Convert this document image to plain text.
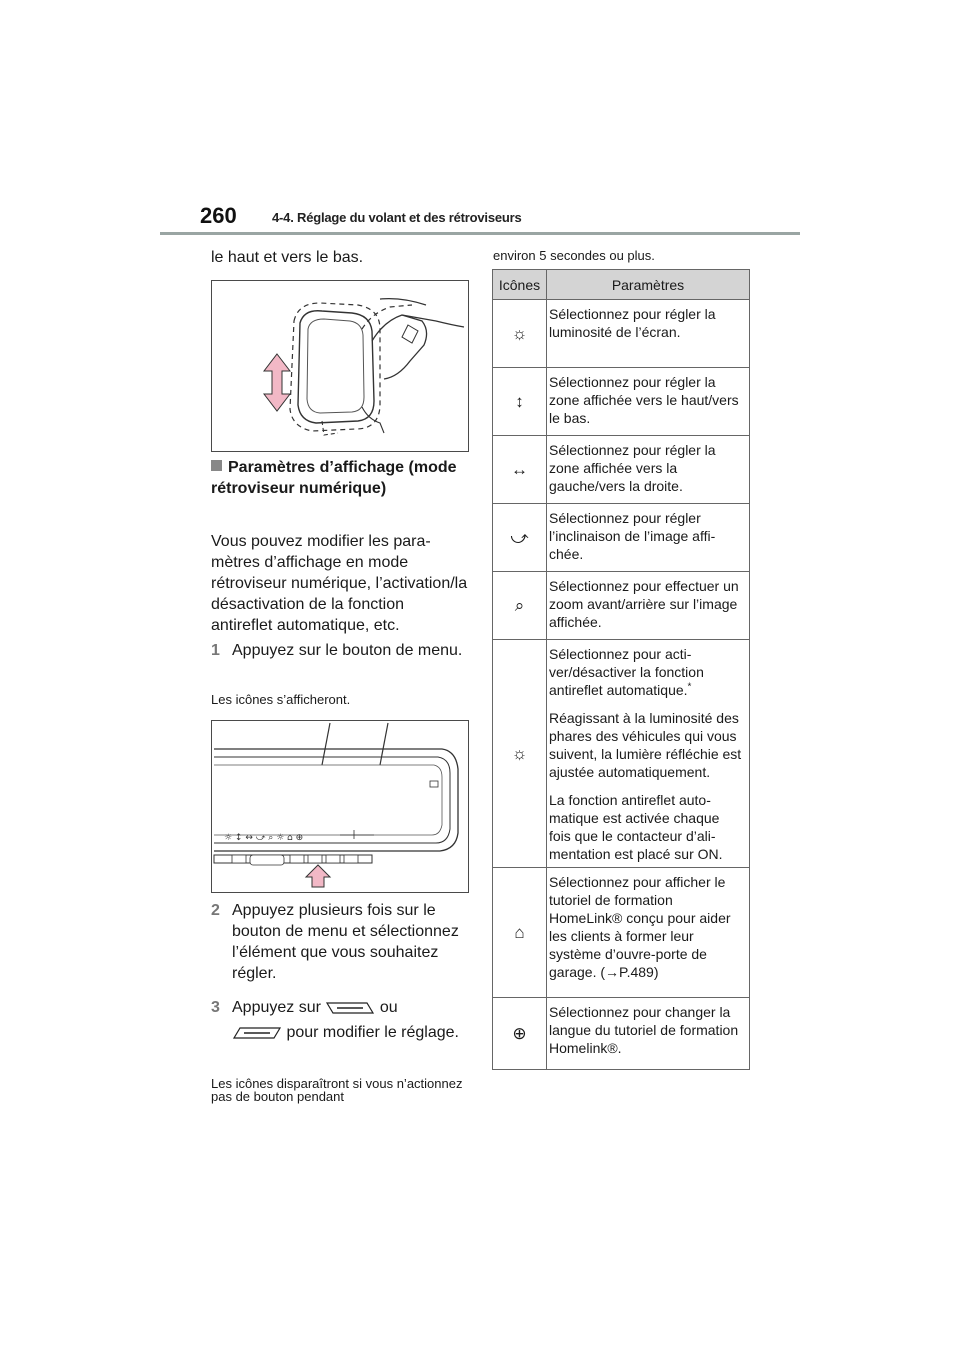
260	4-4. Réglage du volant et des rétroviseurs
le haut et vers le bas.
Paramètres d’affichage (mode rétroviseur numérique)
Vous pouvez modifier les paramètres d’affichage en mode rétroviseur numérique, l’activation/la désactivation de la fonction antireflet automatique, etc.
1 Appuyez sur le bouton de menu.
Les icônes s’afficheront.
☼ ↕ ↔ ⤻ ⌕ ☼ ⌂ ⊕
2 Appuyez plusieurs fois sur le bouton de menu et sélectionnez l’élément que vous souhaitez régler.
3 Appuyez sur	ou
pour modifier le réglage.
Les icônes disparaîtront si vous n’actionnez pas de bouton pendant
environ 5 secondes ou plus.
Icônes	Paramètres
☼	Sélectionnez pour régler la luminosité de l’écran.

↕	Sélectionnez pour régler la zone affichée vers le haut/vers le bas.

↔	Sélectionnez pour régler la zone affichée vers la gauche/vers la droite.

⤻	Sélectionnez pour régler l’inclinaison de l’image affichée.

⌕	Sélectionnez pour effectuer un zoom avant/arrière sur l’image affichée.

☼	Sélectionnez pour activer/désactiver la fonction antireflet automatique.*

Réagissant à la luminosité des phares des véhicules qui vous suivent, la lumière réfléchie est ajustée automatiquement.

La fonction antireflet automatique est activée chaque fois que le contacteur d’alimentation est placé sur ON.

⌂	Sélectionnez pour afficher le tutoriel de formation HomeLink® conçu pour aider les clients à former leur système d’ouvre-porte de garage. (→P.489)

⊕	Sélectionnez pour changer la langue du tutoriel de formation Homelink®.
